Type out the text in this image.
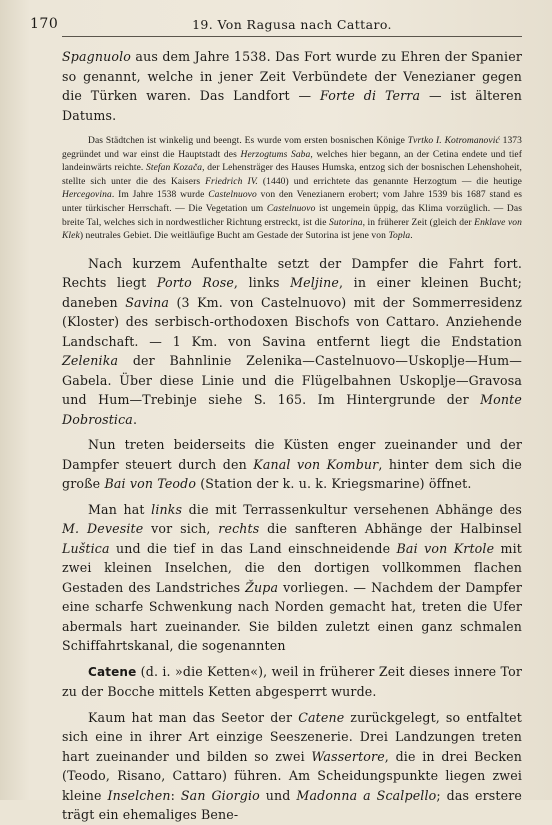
170	19. Von Ragusa nach Cattaro.

Spagnuolo aus dem Jahre 1538. Das Fort wurde zu Ehren der Spanier so genannt, welche in jener Zeit Verbündete der Venezianer gegen die Türken waren. Das Landfort — Forte di Terra — ist älteren Datums.

Das Städtchen ist winkelig und beengt. Es wurde vom ersten bosnischen Könige Tvrtko I. Kotromanović 1373 gegründet und war einst die Hauptstadt des Herzogtums Saba, welches hier begann, an der Cetina endete und tief landeinwärts reichte. Stefan Kozača, der Lehensträger des Hauses Humska, entzog sich der bosnischen Lehenshoheit, stellte sich unter die des Kaisers Friedrich IV. (1440) und errichtete das genannte Herzogtum — die heutige Hercegovina. Im Jahre 1538 wurde Castelnuovo von den Venezianern erobert; vom Jahre 1539 bis 1687 stand es unter türkischer Herrschaft. — Die Vegetation um Castelnuovo ist ungemein üppig, das Klima vorzüglich. — Das breite Tal, welches sich in nordwestlicher Richtung erstreckt, ist die Sutorina, in früherer Zeit (gleich der Enklave von Klek) neutrales Gebiet. Die weitläufige Bucht am Gestade der Sutorina ist jene von Topla.

Nach kurzem Aufenthalte setzt der Dampfer die Fahrt fort. Rechts liegt Porto Rose, links Meljine, in einer kleinen Bucht; daneben Savina (3 Km. von Castelnuovo) mit der Sommerresidenz (Kloster) des serbisch-orthodoxen Bischofs von Cattaro. Anziehende Landschaft. — 1 Km. von Savina entfernt liegt die Endstation Zelenika der Bahnlinie Zelenika—Castelnuovo—Uskoplje—Hum—Gabela. Über diese Linie und die Flügelbahnen Uskoplje—Gravosa und Hum—Trebinje siehe S. 165. Im Hintergrunde der Monte Dobrostica.

Nun treten beiderseits die Küsten enger zueinander und der Dampfer steuert durch den Kanal von Kombur, hinter dem sich die große Bai von Teodo (Station der k. u. k. Kriegsmarine) öffnet.

Man hat links die mit Terrassenkultur versehenen Abhänge des M. Devesite vor sich, rechts die sanfteren Abhänge der Halbinsel Luštica und die tief in das Land einschneidende Bai von Krtole mit zwei kleinen Inselchen, die den dortigen vollkommen flachen Gestaden des Landstriches Župa vorliegen. — Nachdem der Dampfer eine scharfe Schwenkung nach Norden gemacht hat, treten die Ufer abermals hart zueinander. Sie bilden zuletzt einen ganz schmalen Schiffahrtskanal, die sogenannten

Catene (d. i. »die Ketten«), weil in früherer Zeit dieses innere Tor zu der Bocche mittels Ketten abgesperrt wurde.

Kaum hat man das Seetor der Catene zurückgelegt, so entfaltet sich eine in ihrer Art einzige Seeszenerie. Drei Landzungen treten hart zueinander und bilden so zwei Wassertore, die in drei Becken (Teodo, Risano, Cattaro) führen. Am Scheidungspunkte liegen zwei kleine Inselchen: San Giorgio und Madonna a Scalpello; das erstere trägt ein ehemaliges Bene-
